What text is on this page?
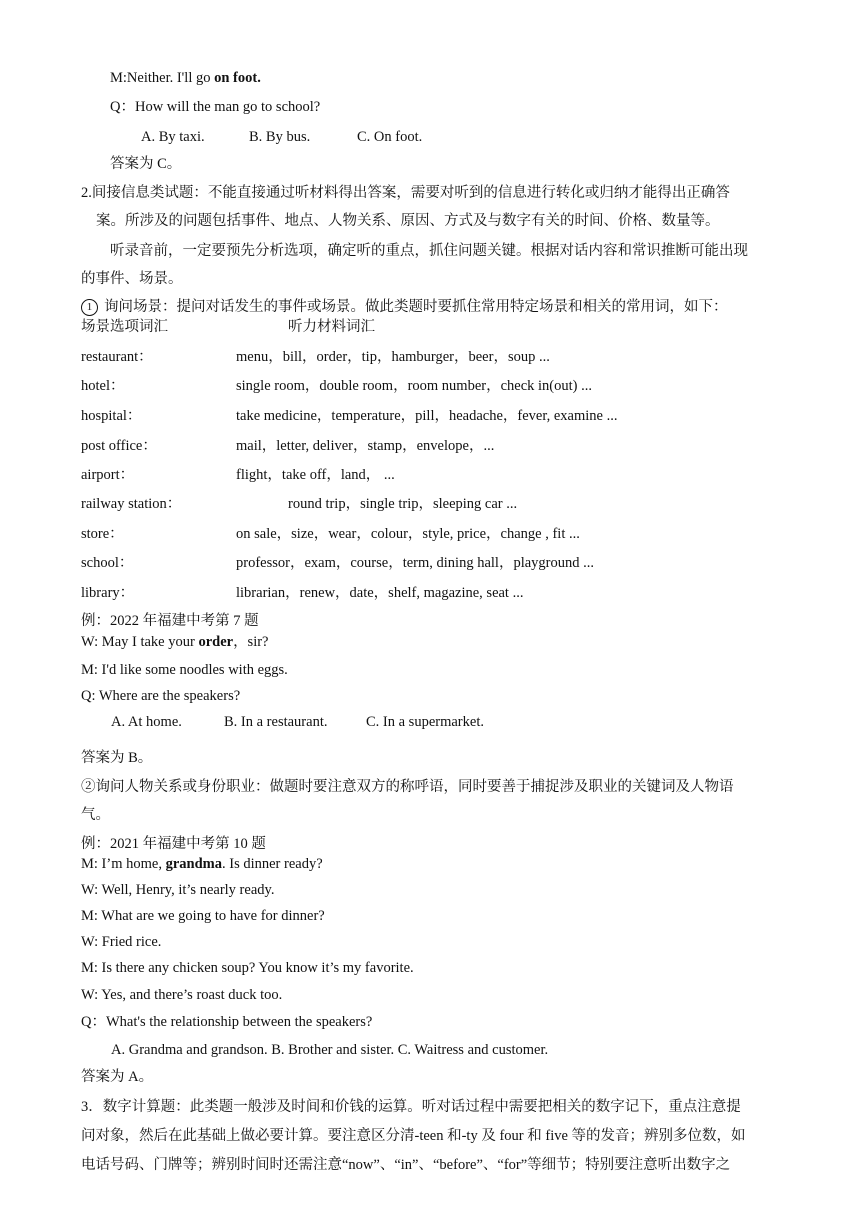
M:Neither. I'll go on foot.
Q：How will the man go to school?
A. By taxi.	B. By bus.	C. On foot.
答案为 C。
2.间接信息类试题：不能直接通过听材料得出答案，需要对听到的信息进行转化或归纳才能得出正确答
案。所涉及的问题包括事件、地点、人物关系、原因、方式及与数字有关的时间、价格、数量等。
听录音前，一定要预先分析选项，确定听的重点，抓住问题关键。根据对话内容和常识推断可能出现
的事件、场景。
1 询问场景：提问对话发生的事件或场景。做此类题时要抓住常用特定场景和相关的常用词，如下：
场景选项词汇	听力材料词汇
restaurant：	menu，bill，order，tip，hamburger，beer，soup ...
hotel：	single room，double room，room number，check in(out) ...
hospital：	take medicine，temperature，pill，headache，fever, examine ...
post office：	mail，letter, deliver，stamp，envelope，...
airport：	flight，take off，land， ...
railway station：	round trip，single trip，sleeping car ...
store：	on sale，size，wear，colour，style, price，change , fit ...
school：	professor，exam，course，term, dining hall，playground ...
library：	librarian，renew，date，shelf, magazine, seat ...
例：2022 年福建中考第 7 题
W: May I take your order，sir?
M: I'd like some noodles with eggs.
Q: Where are the speakers?
A. At home.	B. In a restaurant.	C. In a supermarket.
答案为 B。
②询问人物关系或身份职业：做题时要注意双方的称呼语，同时要善于捕捉涉及职业的关键词及人物语
气。
例：2021 年福建中考第 10 题
M: I’m home, grandma. Is dinner ready?
W: Well, Henry, it’s nearly ready.
M: What are we going to have for dinner?
W: Fried rice.
M: Is there any chicken soup? You know it’s my favorite.
W: Yes, and there’s roast duck too.
Q：What's the relationship between the speakers?
A. Grandma and grandson. B. Brother and sister. C. Waitress and customer.
答案为 A。
3．数字计算题：此类题一般涉及时间和价钱的运算。听对话过程中需要把相关的数字记下，重点注意提
问对象，然后在此基础上做必要计算。要注意区分清-teen 和-ty 及 four 和 five 等的发音；辨别多位数，如
电话号码、门牌等；辨别时间时还需注意“now”、“in”、“before”、“for”等细节；特别要注意听出数字之
